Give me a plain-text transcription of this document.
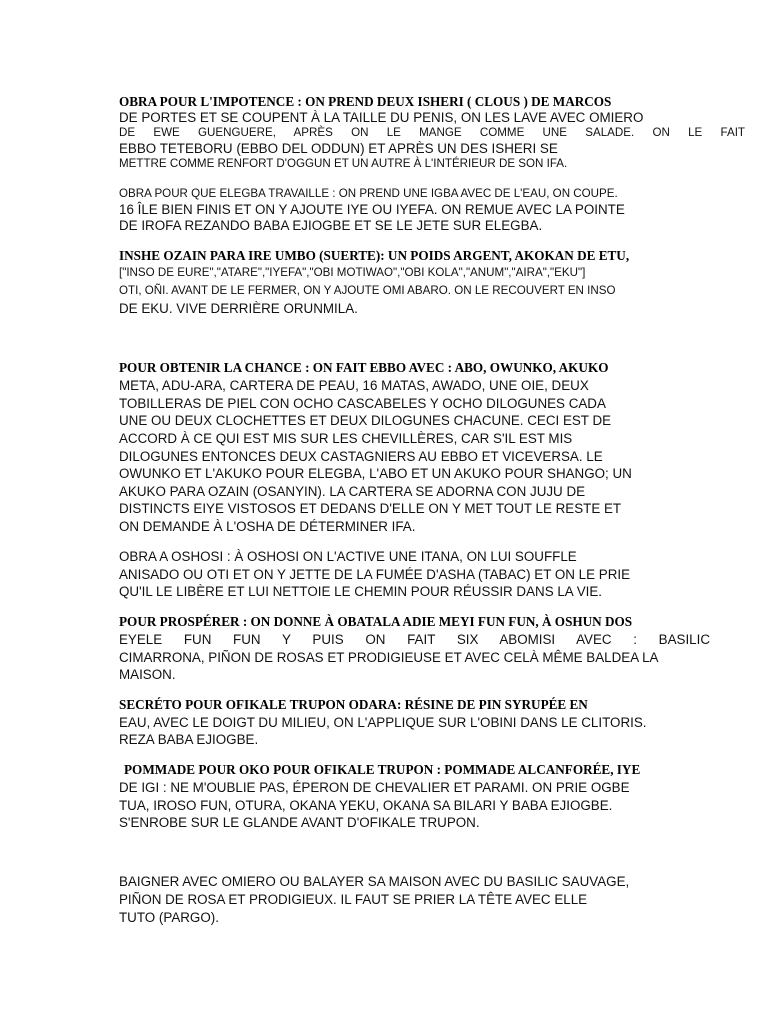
OBRA POUR L'IMPOTENCE : ON PREND DEUX ISHERI ( CLOUS ) DE MARCOS
DE PORTES ET SE COUPENT À LA TAILLE DU PENIS, ON LES LAVE AVEC OMIERO
DE EWE GUENGUERE, APRÈS ON LE MANGE COMME UNE SALADE. ON LE FAIT
EBBO TETEBORU (EBBO DEL ODDUN) ET APRÈS UN DES ISHERI SE
METTRE COMME RENFORT D'OGGUN ET UN AUTRE À L'INTÉRIEUR DE SON IFA.
OBRA POUR QUE ELEGBA TRAVAILLE : ON PREND UNE IGBA AVEC DE L'EAU, ON COUPE.
16 ÎLE BIEN FINIS ET ON Y AJOUTE IYE OU IYEFA. ON REMUE AVEC LA POINTE
DE IROFA REZANDO BABA EJIOGBE ET SE LE JETE SUR ELEGBA.
INSHE OZAIN PARA IRE UMBO (SUERTE): UN POIDS ARGENT, AKOKAN DE ETU,
["INSO DE EURE","ATARE","IYEFA","OBI MOTIWAO","OBI KOLA","ANUM","AIRA","EKU"]
OTI, OÑI. AVANT DE LE FERMER, ON Y AJOUTE OMI ABARO. ON LE RECOUVERT EN INSO
DE EKU. VIVE DERRIÈRE ORUNMILA.
POUR OBTENIR LA CHANCE : ON FAIT EBBO AVEC : ABO, OWUNKO, AKUKO
META, ADU-ARA, CARTERA DE PEAU, 16 MATAS, AWADO, UNE OIE, DEUX
TOBILLERAS DE PIEL CON OCHO CASCABELES Y OCHO DILOGUNES CADA
UNE OU DEUX CLOCHETTES ET DEUX DILOGUNES CHACUNE. CECI EST DE
ACCORD À CE QUI EST MIS SUR LES CHEVILLÈRES, CAR S'IL EST MIS
DILOGUNES ENTONCES DEUX CASTAGNIERS AU EBBO ET VICEVERSA. LE
OWUNKO ET L'AKUKO POUR ELEGBA, L'ABO ET UN AKUKO POUR SHANGO; UN
AKUKO PARA OZAIN (OSANYIN). LA CARTERA SE ADORNA CON JUJU DE
DISTINCTS EIYE VISTOSOS ET DEDANS D'ELLE ON Y MET TOUT LE RESTE ET
ON DEMANDE À L'OSHA DE DÉTERMINER IFA.
OBRA A OSHOSI : À OSHOSI ON L'ACTIVE UNE ITANA, ON LUI SOUFFLE
ANISADO OU OTI ET ON Y JETTE DE LA FUMÉE D'ASHA (TABAC) ET ON LE PRIE
QU'IL LE LIBÈRE ET LUI NETTOIE LE CHEMIN POUR RÉUSSIR DANS LA VIE.
POUR PROSPÉRER : ON DONNE À OBATALA ADIE MEYI FUN FUN, À OSHUN DOS
EYELE FUN FUN Y PUIS ON FAIT SIX ABOMISI AVEC : BASILIC
CIMARRONA, PIÑON DE ROSAS ET PRODIGIEUSE ET AVEC CELÀ MÊME BALDEA LA
MAISON.
SECRÉTO POUR OFIKALE TRUPON ODARA: RÉSINE DE PIN SYRUPÉE EN
EAU, AVEC LE DOIGT DU MILIEU, ON L'APPLIQUE SUR L'OBINI DANS LE CLITORIS.
REZA BABA EJIOGBE.
POMMADE POUR OKO POUR OFIKALE TRUPON : POMMADE ALCANFORÉE, IYE
DE IGI : NE M'OUBLIE PAS, ÉPERON DE CHEVALIER ET PARAMI. ON PRIE OGBE
TUA, IROSO FUN, OTURA, OKANA YEKU, OKANA SA BILARI Y BABA EJIOGBE.
S'ENROBE SUR LE GLANDE AVANT D'OFIKALE TRUPON.
BAIGNER AVEC OMIERO OU BALAYER SA MAISON AVEC DU BASILIC SAUVAGE,
PIÑON DE ROSA ET PRODIGIEUX. IL FAUT SE PRIER LA TÊTE AVEC ELLE
TUTO (PARGO).
